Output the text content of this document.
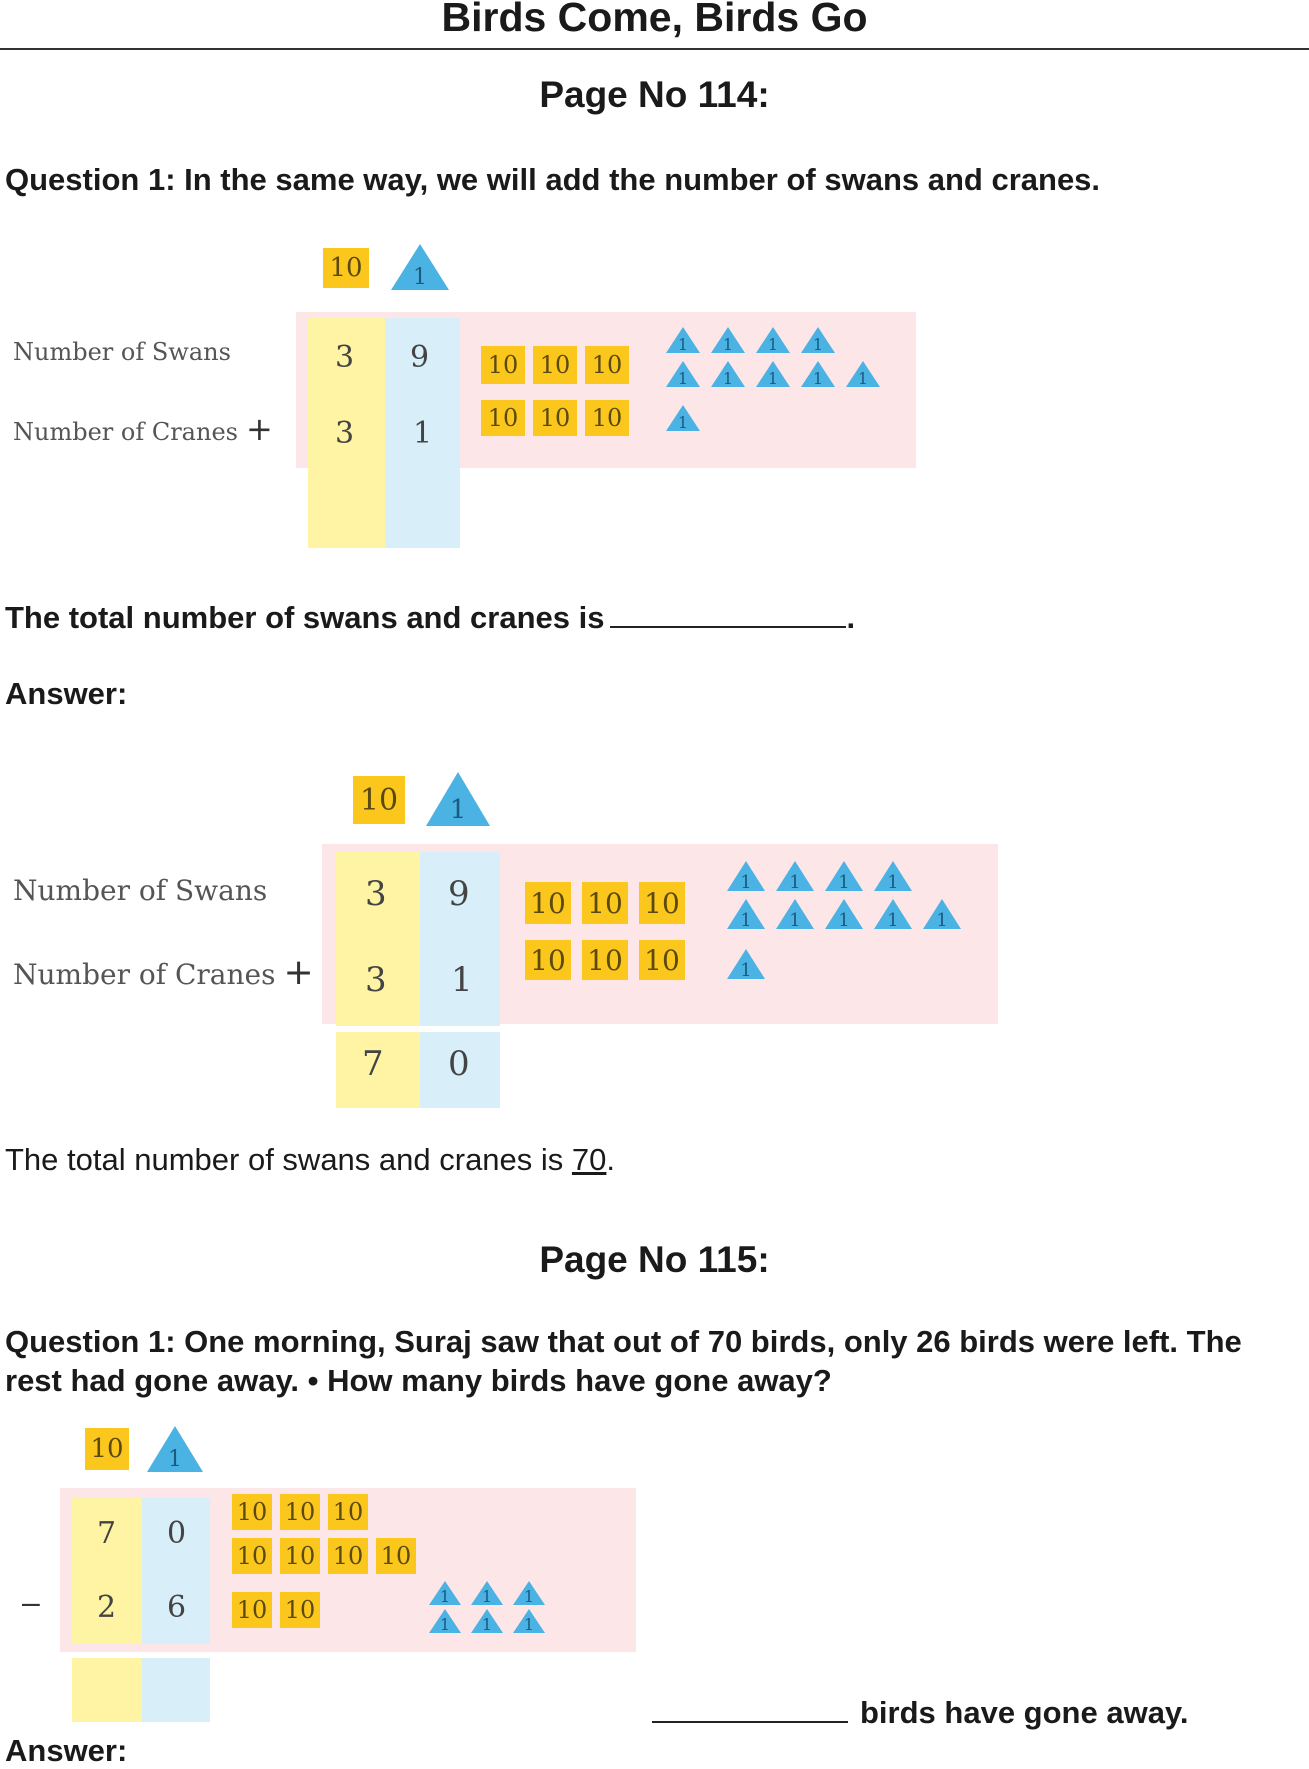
Birds Come, Birds Go
Page No 114:
Question 1: In the same way, we will add the number of swans and cranes.
10 1
Number of Swans
Number of Cranes +
3 9
3 1
10 10 10
10 10 10
1 1 1 1
1 1 1 1 1
1
The total number of swans and cranes is	.
Answer:
10 1
Number of Swans
Number of Cranes +
3 9
3 1
7 0
10 10 10
10 10 10
1 1 1 1
1 1 1 1 1
1
The total number of swans and cranes is 70.
Page No 115:
Question 1: One morning, Suraj saw that out of 70 birds, only 26 birds were left. The rest had gone away. • How many birds have gone away?
10 1
–
7 0
2 6
10 10 10
10 10 10 10
10 10	1 1 1
1 1 1
birds have gone away.
Answer:
